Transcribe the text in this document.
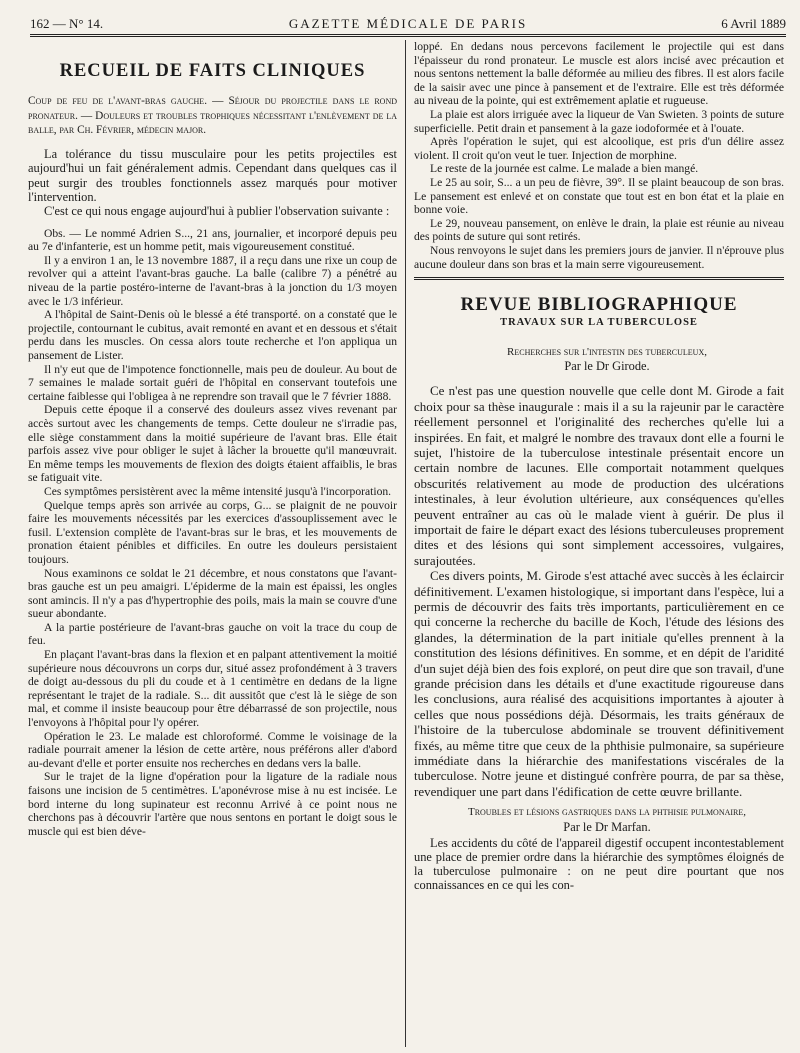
162 — N° 14.	GAZETTE MÉDICALE DE PARIS	6 Avril 1889
RECUEIL DE FAITS CLINIQUES

Coup de feu de l'avant-bras gauche. — Séjour du projectile dans le rond pronateur. — Douleurs et troubles trophiques nécessitant l'enlèvement de la balle, par Ch. Février, médecin major.

La tolérance du tissu musculaire pour les petits projectiles est aujourd'hui un fait généralement admis. Cependant dans quelques cas il peut surgir des troubles fonctionnels assez marqués pour motiver l'intervention.

C'est ce qui nous engage aujourd'hui à publier l'observation suivante :

Obs. — Le nommé Adrien S..., 21 ans, journalier, et incorporé depuis peu au 7e d'infanterie, est un homme petit, mais vigoureusement constitué.

Il y a environ 1 an, le 13 novembre 1887, il a reçu dans une rixe un coup de revolver qui a atteint l'avant-bras gauche. La balle (calibre 7) a pénétré au niveau de la partie postéro-interne de l'avant-bras à la jonction du 1/3 moyen avec le 1/3 inférieur.

A l'hôpital de Saint-Denis où le blessé a été transporté. on a constaté que le projectile, contournant le cubitus, avait remonté en avant et en dessous et s'était perdu dans les muscles. On cessa alors toute recherche et l'on appliqua un pansement de Lister.

Il n'y eut que de l'impotence fonctionnelle, mais peu de douleur. Au bout de 7 semaines le malade sortait guéri de l'hôpital en conservant toutefois une certaine faiblesse qui l'obligea à ne reprendre son travail que le 7 février 1888.

Depuis cette époque il a conservé des douleurs assez vives revenant par accès surtout avec les changements de temps. Cette douleur ne s'irradie pas, elle siège constamment dans la moitié supérieure de l'avant bras. Elle était parfois assez vive pour obliger le sujet à lâcher la brouette qu'il manœuvrait. En même temps les mouvements de flexion des doigts étaient affaiblis, le bras se fatiguait vite.

Ces symptômes persistèrent avec la même intensité jusqu'à l'incorporation.

Quelque temps après son arrivée au corps, G... se plaignit de ne pouvoir faire les mouvements nécessités par les exercices d'assouplissement avec le fusil. L'extension complète de l'avant-bras sur le bras, et les mouvements de pronation étaient pénibles et difficiles. En outre les douleurs persistaient toujours.

Nous examinons ce soldat le 21 décembre, et nous constatons que l'avant-bras gauche est un peu amaigri. L'épiderme de la main est épaissi, les ongles sont amincis. Il n'y a pas d'hypertrophie des poils, mais la main se couvre d'une sueur abondante.

A la partie postérieure de l'avant-bras gauche on voit la trace du coup de feu.

En plaçant l'avant-bras dans la flexion et en palpant attentivement la moitié supérieure nous découvrons un corps dur, situé assez profondément à 3 travers de doigt au-dessous du pli du coude et à 1 centimètre en dedans de la ligne représentant le trajet de la radiale. S... dit aussitôt que c'est là le siège de son mal, et comme il insiste beaucoup pour être débarrassé de son projectile, nous l'envoyons à l'hôpital pour l'y opérer.

Opération le 23. Le malade est chloroformé. Comme le voisinage de la radiale pourrait amener la lésion de cette artère, nous préférons aller d'abord au-devant d'elle et porter ensuite nos recherches en dedans vers la balle.

Sur le trajet de la ligne d'opération pour la ligature de la radiale nous faisons une incision de 5 centimètres. L'aponévrose mise à nu est incisée. Le bord interne du long supinateur est reconnu Arrivé à ce point nous ne cherchons pas à découvrir l'artère que nous sentons en portant le doigt sous le muscle qui est bien déve-

loppé. En dedans nous percevons facilement le projectile qui est dans l'épaisseur du rond pronateur. Le muscle est alors incisé avec précaution et nous sentons nettement la balle déformée au milieu des fibres. Il est alors facile de la saisir avec une pince à pansement et de l'extraire. Elle est très déformée au niveau de la pointe, qui est extrêmement aplatie et rugueuse.

La plaie est alors irriguée avec la liqueur de Van Swieten. 3 points de suture superficielle. Petit drain et pansement à la gaze iodoformée et à l'ouate.

Après l'opération le sujet, qui est alcoolique, est pris d'un délire assez violent. Il croit qu'on veut le tuer. Injection de morphine.

Le reste de la journée est calme. Le malade a bien mangé.

Le 25 au soir, S... a un peu de fièvre, 39°. Il se plaint beaucoup de son bras. Le pansement est enlevé et on constate que tout est en bon état et la plaie en bonne voie.

Le 29, nouveau pansement, on enlève le drain, la plaie est réunie au niveau des points de suture qui sont retirés.

Nous renvoyons le sujet dans les premiers jours de janvier. Il n'éprouve plus aucune douleur dans son bras et la main serre vigoureusement.

REVUE BIBLIOGRAPHIQUE
TRAVAUX SUR LA TUBERCULOSE

Recherches sur l'intestin des tuberculeux,

Par le Dr Girode.

Ce n'est pas une question nouvelle que celle dont M. Girode a fait choix pour sa thèse inaugurale : mais il a su la rajeunir par le caractère réellement personnel et l'originalité des recherches qu'elle lui a inspirées. En fait, et malgré le nombre des travaux dont elle a fourni le sujet, l'histoire de la tuberculose intestinale présentait encore un certain nombre de lacunes. Elle comportait notamment quelques obscurités relativement au mode de production des ulcérations intestinales, à leur évolution ultérieure, aux conséquences qu'elles peuvent entraîner au cas où le malade vient à guérir. De plus il importait de faire le départ exact des lésions tuberculeuses proprement dites et des lésions qui sont simplement accessoires, vulgaires, surajoutées.

Ces divers points, M. Girode s'est attaché avec succès à les éclaircir définitivement. L'examen histologique, si important dans l'espèce, lui a permis de découvrir des faits très importants, particulièrement en ce qui concerne la recherche du bacille de Koch, l'étude des lésions des glandes, la détermination de la part initiale qu'elles prennent à la constitution des lésions définitives. En somme, et en dépit de l'aridité d'un sujet déjà bien des fois exploré, on peut dire que son travail, d'une grande précision dans les détails et d'une exactitude rigoureuse dans les conclusions, aura réalisé des acquisitions importantes à ajouter à celles que nous possédions déjà. Désormais, les traits généraux de l'histoire de la tuberculose abdominale se trouvent définitivement fixés, au même titre que ceux de la phthisie pulmonaire, sa supérieure immédiate dans la hiérarchie des manifestations viscérales de la tuberculose. Notre jeune et distingué confrère pourra, de par sa thèse, revendiquer une part dans l'édification de cette œuvre brillante.

Troubles et lésions gastriques dans la phthisie pulmonaire,

Par le Dr Marfan.

Les accidents du côté de l'appareil digestif occupent incontestablement une place de premier ordre dans la hiérarchie des symptômes éloignés de la tuberculose pulmonaire : on ne peut dire pourtant que nos connaissances en ce qui les con-
